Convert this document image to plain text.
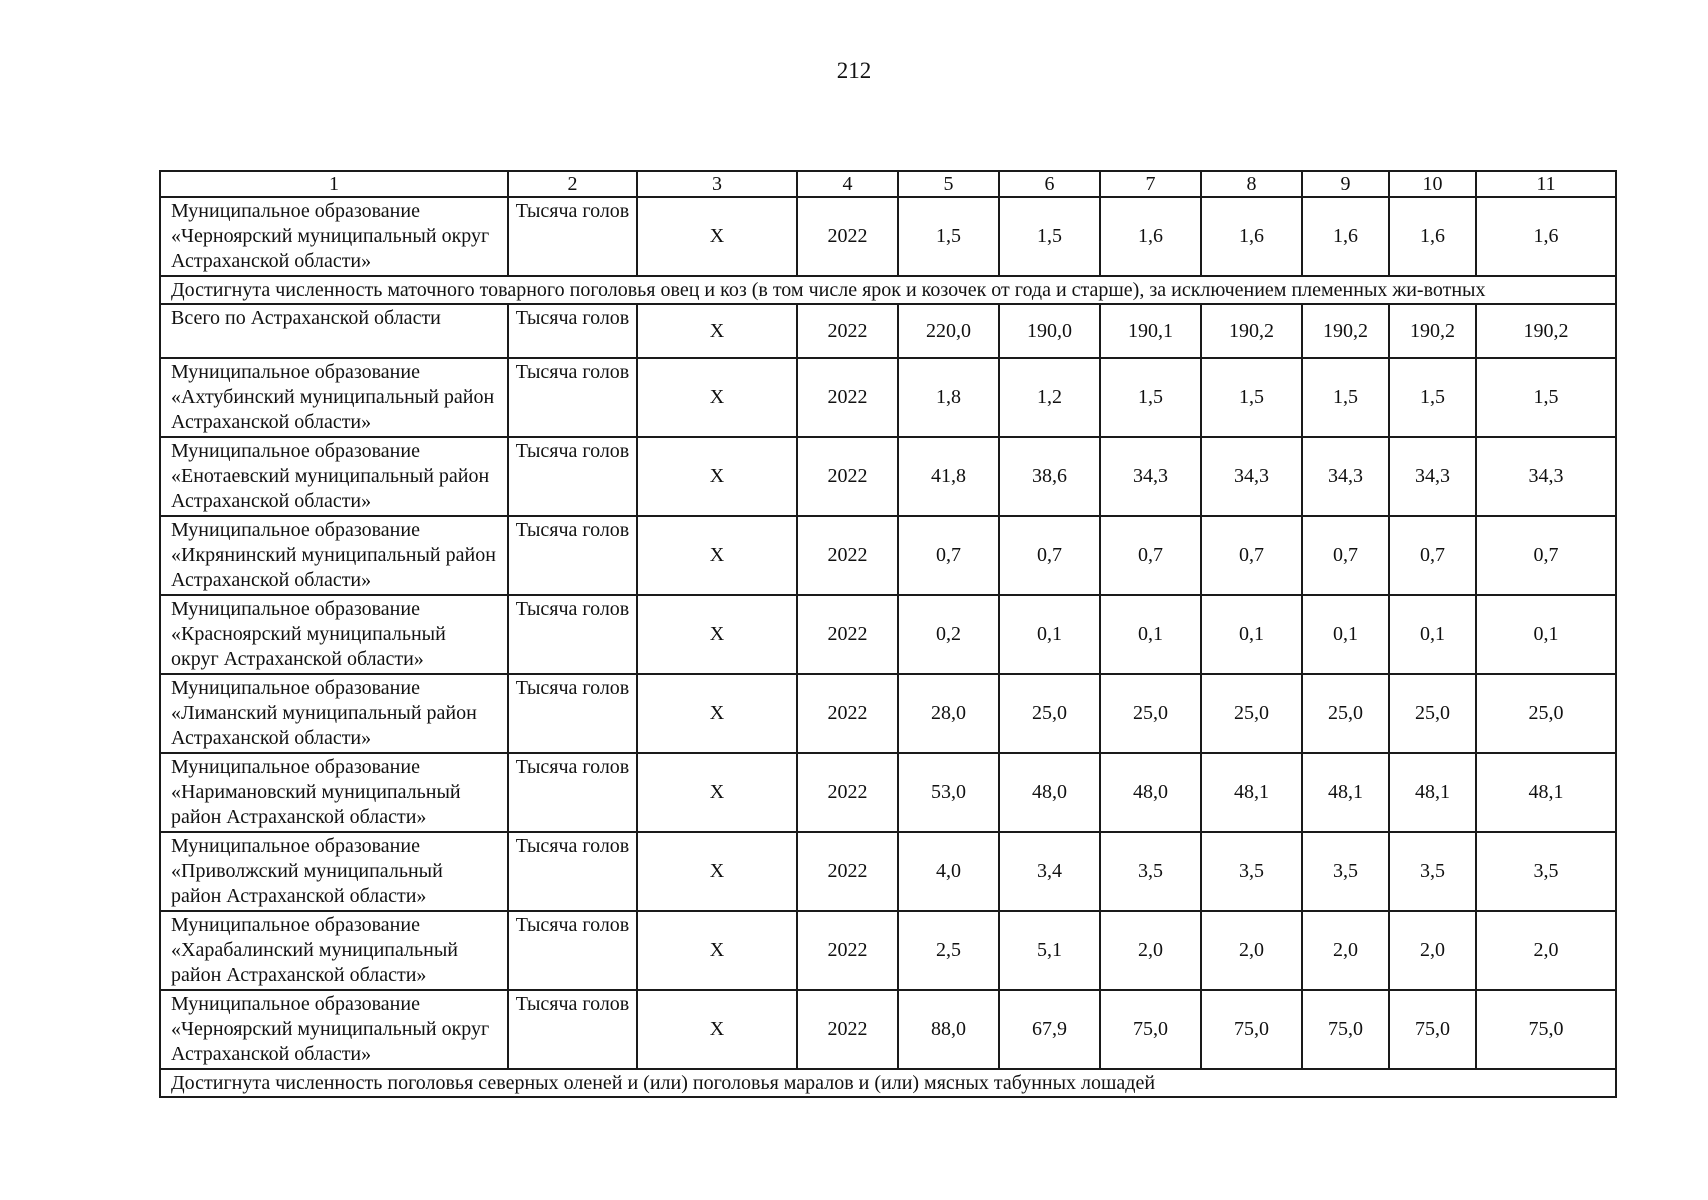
212
1	2	3	4	5	6	7	8	9	10	11
Муниципальное образование «Черноярский муниципальный округ Астраханской области»	Тысяча голов	Х	2022	1,5	1,5	1,6	1,6	1,6	1,6	1,6
Достигнута численность маточного товарного поголовья овец и коз (в том числе ярок и козочек от года и старше), за исключением племенных жи-вотных										
Всего по Астраханской области	Тысяча голов	Х	2022	220,0	190,0	190,1	190,2	190,2	190,2	190,2
Муниципальное образование «Ахтубинский муниципальный район Астраханской области»	Тысяча голов	Х	2022	1,8	1,2	1,5	1,5	1,5	1,5	1,5
Муниципальное образование «Енотаевский муниципальный район Астраханской области»	Тысяча голов	Х	2022	41,8	38,6	34,3	34,3	34,3	34,3	34,3
Муниципальное образование «Икрянинский муниципальный район Астраханской области»	Тысяча голов	Х	2022	0,7	0,7	0,7	0,7	0,7	0,7	0,7
Муниципальное образование «Красноярский муниципальный округ Астраханской области»	Тысяча голов	Х	2022	0,2	0,1	0,1	0,1	0,1	0,1	0,1
Муниципальное образование «Лиманский муниципальный район Астраханской области»	Тысяча голов	Х	2022	28,0	25,0	25,0	25,0	25,0	25,0	25,0
Муниципальное образование «Наримановский муниципальный район Астраханской области»	Тысяча голов	Х	2022	53,0	48,0	48,0	48,1	48,1	48,1	48,1
Муниципальное образование «Приволжский муниципальный район Астраханской области»	Тысяча голов	Х	2022	4,0	3,4	3,5	3,5	3,5	3,5	3,5
Муниципальное образование «Харабалинский муниципальный район Астраханской области»	Тысяча голов	Х	2022	2,5	5,1	2,0	2,0	2,0	2,0	2,0
Муниципальное образование «Черноярский муниципальный округ Астраханской области»	Тысяча голов	Х	2022	88,0	67,9	75,0	75,0	75,0	75,0	75,0
Достигнута численность поголовья северных оленей и (или) поголовья маралов и (или) мясных табунных лошадей										
